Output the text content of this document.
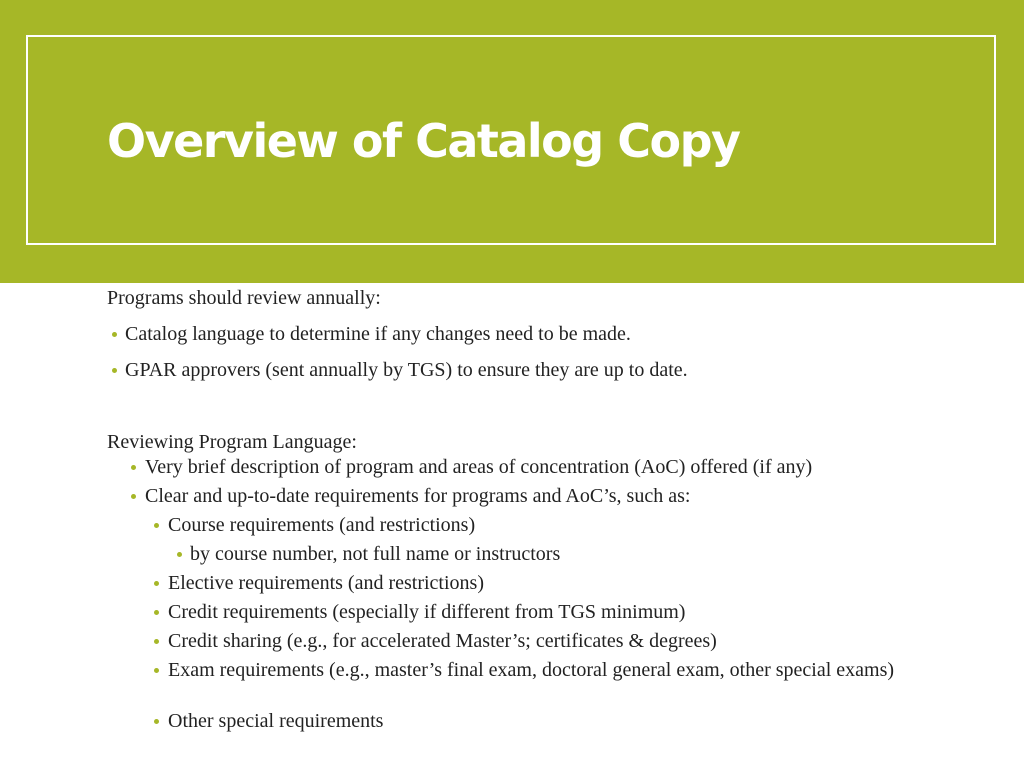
Overview of Catalog Copy
Programs should review annually:
Catalog language to determine if any changes need to be made.
GPAR approvers (sent annually by TGS) to ensure they are up to date.
Reviewing Program Language:
Very brief description of program and areas of concentration (AoC) offered (if any)
Clear and up-to-date requirements for programs and AoC’s, such as:
Course requirements (and restrictions)
by course number, not full name or instructors
Elective requirements (and restrictions)
Credit requirements (especially if different from TGS minimum)
Credit sharing (e.g., for accelerated Master’s; certificates & degrees)
Exam requirements (e.g., master’s final exam, doctoral general exam, other special exams)
Other special requirements
